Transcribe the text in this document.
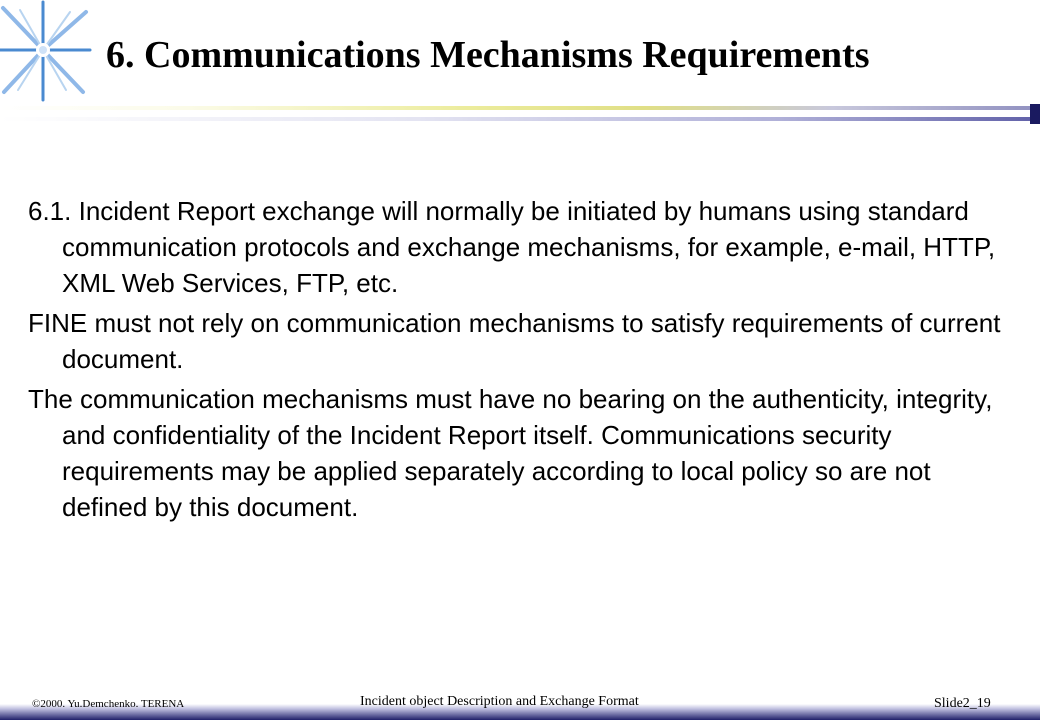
6. Communications Mechanisms Requirements

6.1. Incident Report exchange will normally be initiated by humans using standard communication protocols and exchange mechanisms, for example, e-mail, HTTP, XML Web Services, FTP, etc.

FINE must not rely on communication mechanisms to satisfy requirements of current document.

The communication mechanisms must have no bearing on the authenticity, integrity, and confidentiality of the Incident Report itself. Communications security requirements may be applied separately according to local policy so are not defined by this document.

©2000. Yu.Demchenko. TERENA	Incident object Description and Exchange Format	Slide2_19
